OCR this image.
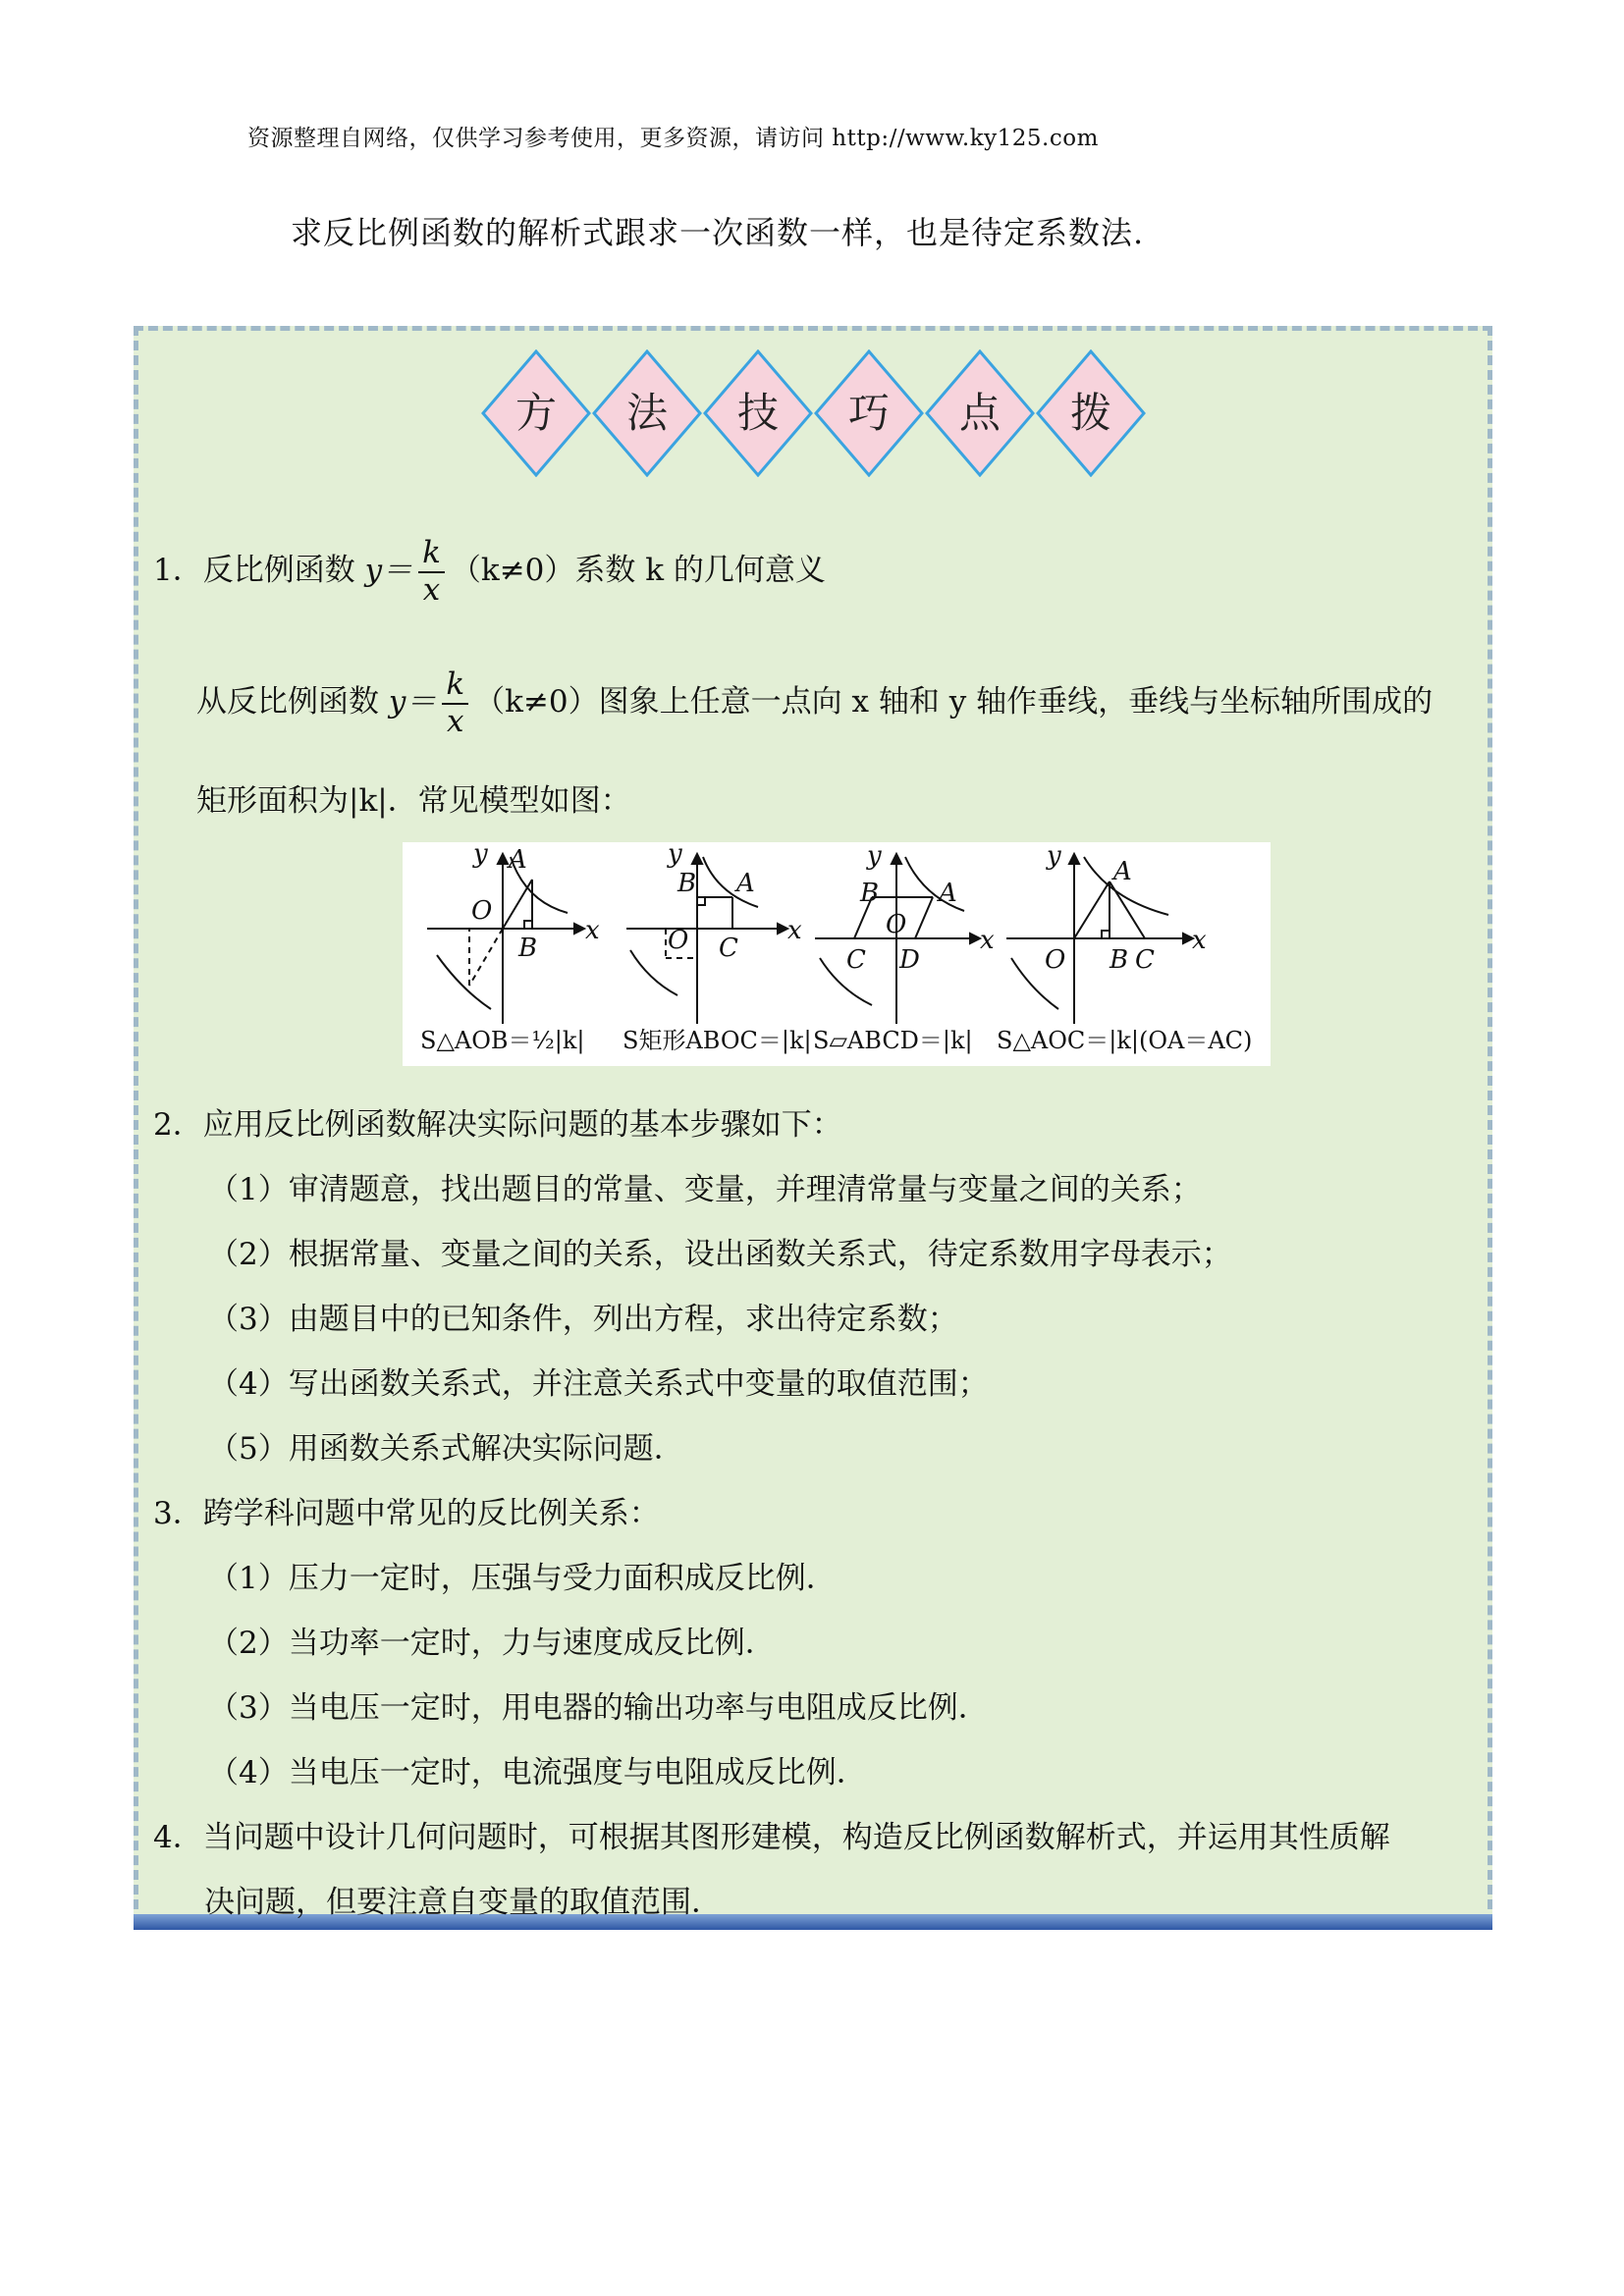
资源整理自网络，仅供学习参考使用，更多资源，请访问 http://www.ky125.com
求反比例函数的解析式跟求一次函数一样，也是待定系数法.
方	法	技	巧	点	拨
1．反比例函数 $y= \frac{k}{x} (k\ne 0)$系数 k 的几何意义
从反比例函数 $y= \frac{k}{x} (k\ne 0)$图象上任意一点向 x 轴和 y 轴作垂线，垂线与坐标轴所围成的
矩形面积为|k|．常见模型如图：
y A
O
B
x
y
B A
O C
x
y
B A
O
C D
x
y
A
O B C
x
S△AOB＝½|k| S矩形ABOC＝|k| S▱ABCD＝|k| S△AOC＝|k|(OA＝AC)
2．应用反比例函数解决实际问题的基本步骤如下：
（1）审清题意，找出题目的常量、变量，并理清常量与变量之间的关系；
（2）根据常量、变量之间的关系，设出函数关系式，待定系数用字母表示；
（3）由题目中的已知条件，列出方程，求出待定系数；
（4）写出函数关系式，并注意关系式中变量的取值范围；
（5）用函数关系式解决实际问题．
3．跨学科问题中常见的反比例关系：
（1）压力一定时，压强与受力面积成反比例．
（2）当功率一定时，力与速度成反比例．
（3）当电压一定时，用电器的输出功率与电阻成反比例．
（4）当电压一定时，电流强度与电阻成反比例．
4．当问题中设计几何问题时，可根据其图形建模，构造反比例函数解析式，并运用其性质解
决问题，但要注意自变量的取值范围．
